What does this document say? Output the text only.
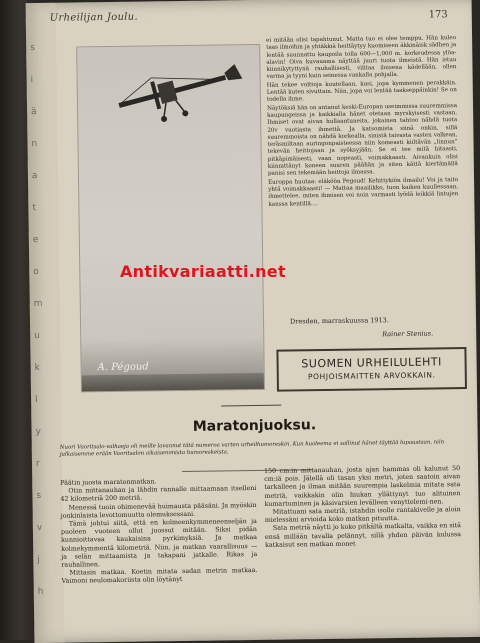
s
i
ä
n
a
t
e
o
m
u
k
l
y
r
s
v
j
h
Urheilijan Joulu.	173
A. Pégoud

ei mitään olisi tapahtunut. Matta tuo ei olee temppu. Hän kuleo taas ilmoihin ja yhtäkkiä heittäytyy kuomiseen äkkinäisk sädhen ja lentää suunnattu kaupoila tolla 600—1,000 m. korkeudessa ylöa-alavin! Oiva kuvauama näyttää juuri tuota ilmeistä. Hän istuu kiinnikytyttynä rauhallisesti, vilitaa iloisena kädellään, ollen varma ja tyyni kuin seinessa vankalla pohjalla.

Hän tekee volttoja kuutellaan, kusi, jopa kymmenen perakkäin. Lentää kuten sivuttain. Niin, jopa voi lentää taakseppäinkin! Se on todella ihme.

Näytöksiä hän on antanut keski-Europan useimmissa suuremmissa kaupungeissa ja kaikkialla hänet otetaan myrskyisesti vastaan. Ihmiset ovat aivan hullaantuneita, jokainen tahtoo nähdä tuota 20v vuotiasta ihmettä. Ja katsomista siinä onkin, sillä suuremmoista on nähdä korkealla, sinistä taivasta vasten valkean, teräsmiltaan auringonpaisteessa niin komeasti kiiltävän „linnun” tekevän heittojaan ja syöksyjään. Se ei tee mitä hitaasti, pitkäpimäisesti, vaan nopeasti, voimakkaasti. Aivankuin olisi kiinnittänyt koneen suuren päähän ja siten kättä kiertämällä panisi sen tekemään heittoja ilmassa.

Europpa huutaa: eläköön Pegoud! Kehittykiön ilmailu! Voi ja taito yhtä voimakkaasti! — Mattaa maailikko, tuon kaiken kuullessaan, ihmettelee, miten ihmisen voi noin varmasti lyödä leikkiä lintujen kanssa kentillä....

Dresden, marraskuussa 1913.
Rainer Stenius.
SUOMEN URHEILULEHTI
POHJOISMAITTEN ARVOKKAIN.
Maratonjuoksu.
Nuori Vaoritsalo-valhaeja oli meille lavannut tätä numeroa varten urheilhumoreskin. Kun kuoleema ei sallinut hänet täyttää lupaustaan, niin julkaisemme erään Vaoritsalon aikaisemmista humoreskeista.

Päätin juosta maratonmatkan.

Otin mittanauhan ja lähdin rannalle mittaamaan itselleni 42 kilometriä 200 metriä.

Menessä tuoin ohimenevää huimausta pääsäni. Ja myöskin jonkinlaista levottomuutta olemuksessani.

Tämä johtui siitä, että en kolmeenkymmeneenseljän ja puoleen vuoteen ollut juossut mitään. Siksi pidän kunnioittavaa kaukaisina pyrkimyksiä. Ja matkaa kolmekymmentä kilometriä. Niin, ja matkan vaarallisuus — ja selän mittaamista ja takapani jatkalle. Rikas ja rauhallinen.

Mittasin matkaa. Koetin mitata sadan metrin matkaa. Vaimoni neulomakoriista olin löytänyt

150 cm:in mittanauhan, josta ajan hammas oli kalunut 50 cm:iä pois. Jälellä oli tasan yksi metri, joten saatoin aivan tarkalleen ja ilman mitään suurempia laskelmia mitata sata metriä, vaikkakin olin hiukan yllättynyt tuo alituinen kumartuminen ja käsivarsien levälleen venyttelemi-nen.

Mitattuani sata metriä, istahdin isolle rantakivelle ja aloin mielessäni arvioida koko matkan pituutta.

Sata metriä näytti jo koko pitkältä matkalta, vaikka en sitä ensä millään tavalla pelännyt, sillä yhden päivän kulussa katkaisut sen matkan monet

Antikvariaatti.net
